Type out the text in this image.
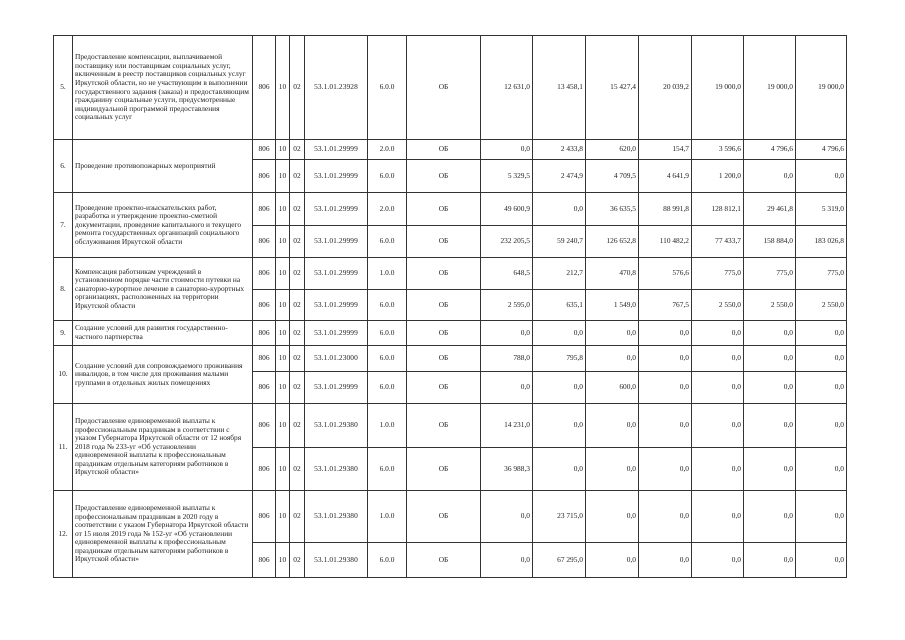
5.	Предоставление компенсации, выплачиваемой поставщику или поставщикам социальных услуг, включенным в реестр поставщиков социальных услуг Иркутской области, но не участвующим в выполнении государственного задания (заказа) и предоставляющим гражданину социальные услуги, предусмотренные индивидуальной программой предоставления социальных услуг	806	10	02	53.1.01.23928	6.0.0	ОБ	12 631,0	13 458,1	15 427,4	20 039,2	19 000,0	19 000,0	19 000,0
6.	Проведение противопожарных мероприятий	806	10	02	53.1.01.29999	2.0.0	ОБ	0,0	2 433,8	620,0	154,7	3 596,6	4 796,6	4 796,6
		806	10	02	53.1.01.29999	6.0.0	ОБ	5 329,5	2 474,9	4 709,5	4 641,9	1 200,0	0,0	0,0
7.	Проведение проектно-изыскательских работ, разработка и утверждение проектно-сметной документации, проведение капитального и текущего ремонта государственных организаций социального обслуживания Иркутской области	806	10	02	53.1.01.29999	2.0.0	ОБ	49 600,9	0,0	36 635,5	88 991,8	128 812,1	29 461,8	5 319,0
		806	10	02	53.1.01.29999	6.0.0	ОБ	232 205,5	59 240,7	126 652,8	110 482,2	77 433,7	158 884,0	183 026,8
8.	Компенсация работникам учреждений в установленном порядке части стоимости путевки на санаторно-курортное лечение в санаторно-курортных организациях, расположенных на территории Иркутской области	806	10	02	53.1.01.29999	1.0.0	ОБ	648,5	212,7	470,8	576,6	775,0	775,0	775,0
		806	10	02	53.1.01.29999	6.0.0	ОБ	2 595,0	635,1	1 549,0	767,5	2 550,0	2 550,0	2 550,0
9.	Создание условий для развития государственно-частного партнерства	806	10	02	53.1.01.29999	6.0.0	ОБ	0,0	0,0	0,0	0,0	0,0	0,0	0,0
10.	Создание условий для сопровождаемого проживания инвалидов, в том числе для проживания малыми группами в отдельных жилых помещениях	806	10	02	53.1.01.23000	6.0.0	ОБ	788,0	795,8	0,0	0,0	0,0	0,0	0,0
		806	10	02	53.1.01.29999	6.0.0	ОБ	0,0	0,0	600,0	0,0	0,0	0,0	0,0
11.	Предоставление единовременной выплаты к профессиональным праздникам в соответствии с указом Губернатора Иркутской области от 12 ноября 2018 года № 233-уг «Об установлении единовременной выплаты к профессиональным праздникам отдельным категориям работников в Иркутской области»	806	10	02	53.1.01.29380	1.0.0	ОБ	14 231,0	0,0	0,0	0,0	0,0	0,0	0,0
		806	10	02	53.1.01.29380	6.0.0	ОБ	36 988,3	0,0	0,0	0,0	0,0	0,0	0,0
12.	Предоставление единовременной выплаты к профессиональным праздникам в 2020 году в соответствии с указом Губернатора Иркутской области от 15 июля 2019 года № 152-уг «Об установлении единовременной выплаты к профессиональным праздникам отдельным категориям работников в Иркутской области»	806	10	02	53.1.01.29380	1.0.0	ОБ	0,0	23 715,0	0,0	0,0	0,0	0,0	0,0
		806	10	02	53.1.01.29380	6.0.0	ОБ	0,0	67 295,0	0,0	0,0	0,0	0,0	0,0
